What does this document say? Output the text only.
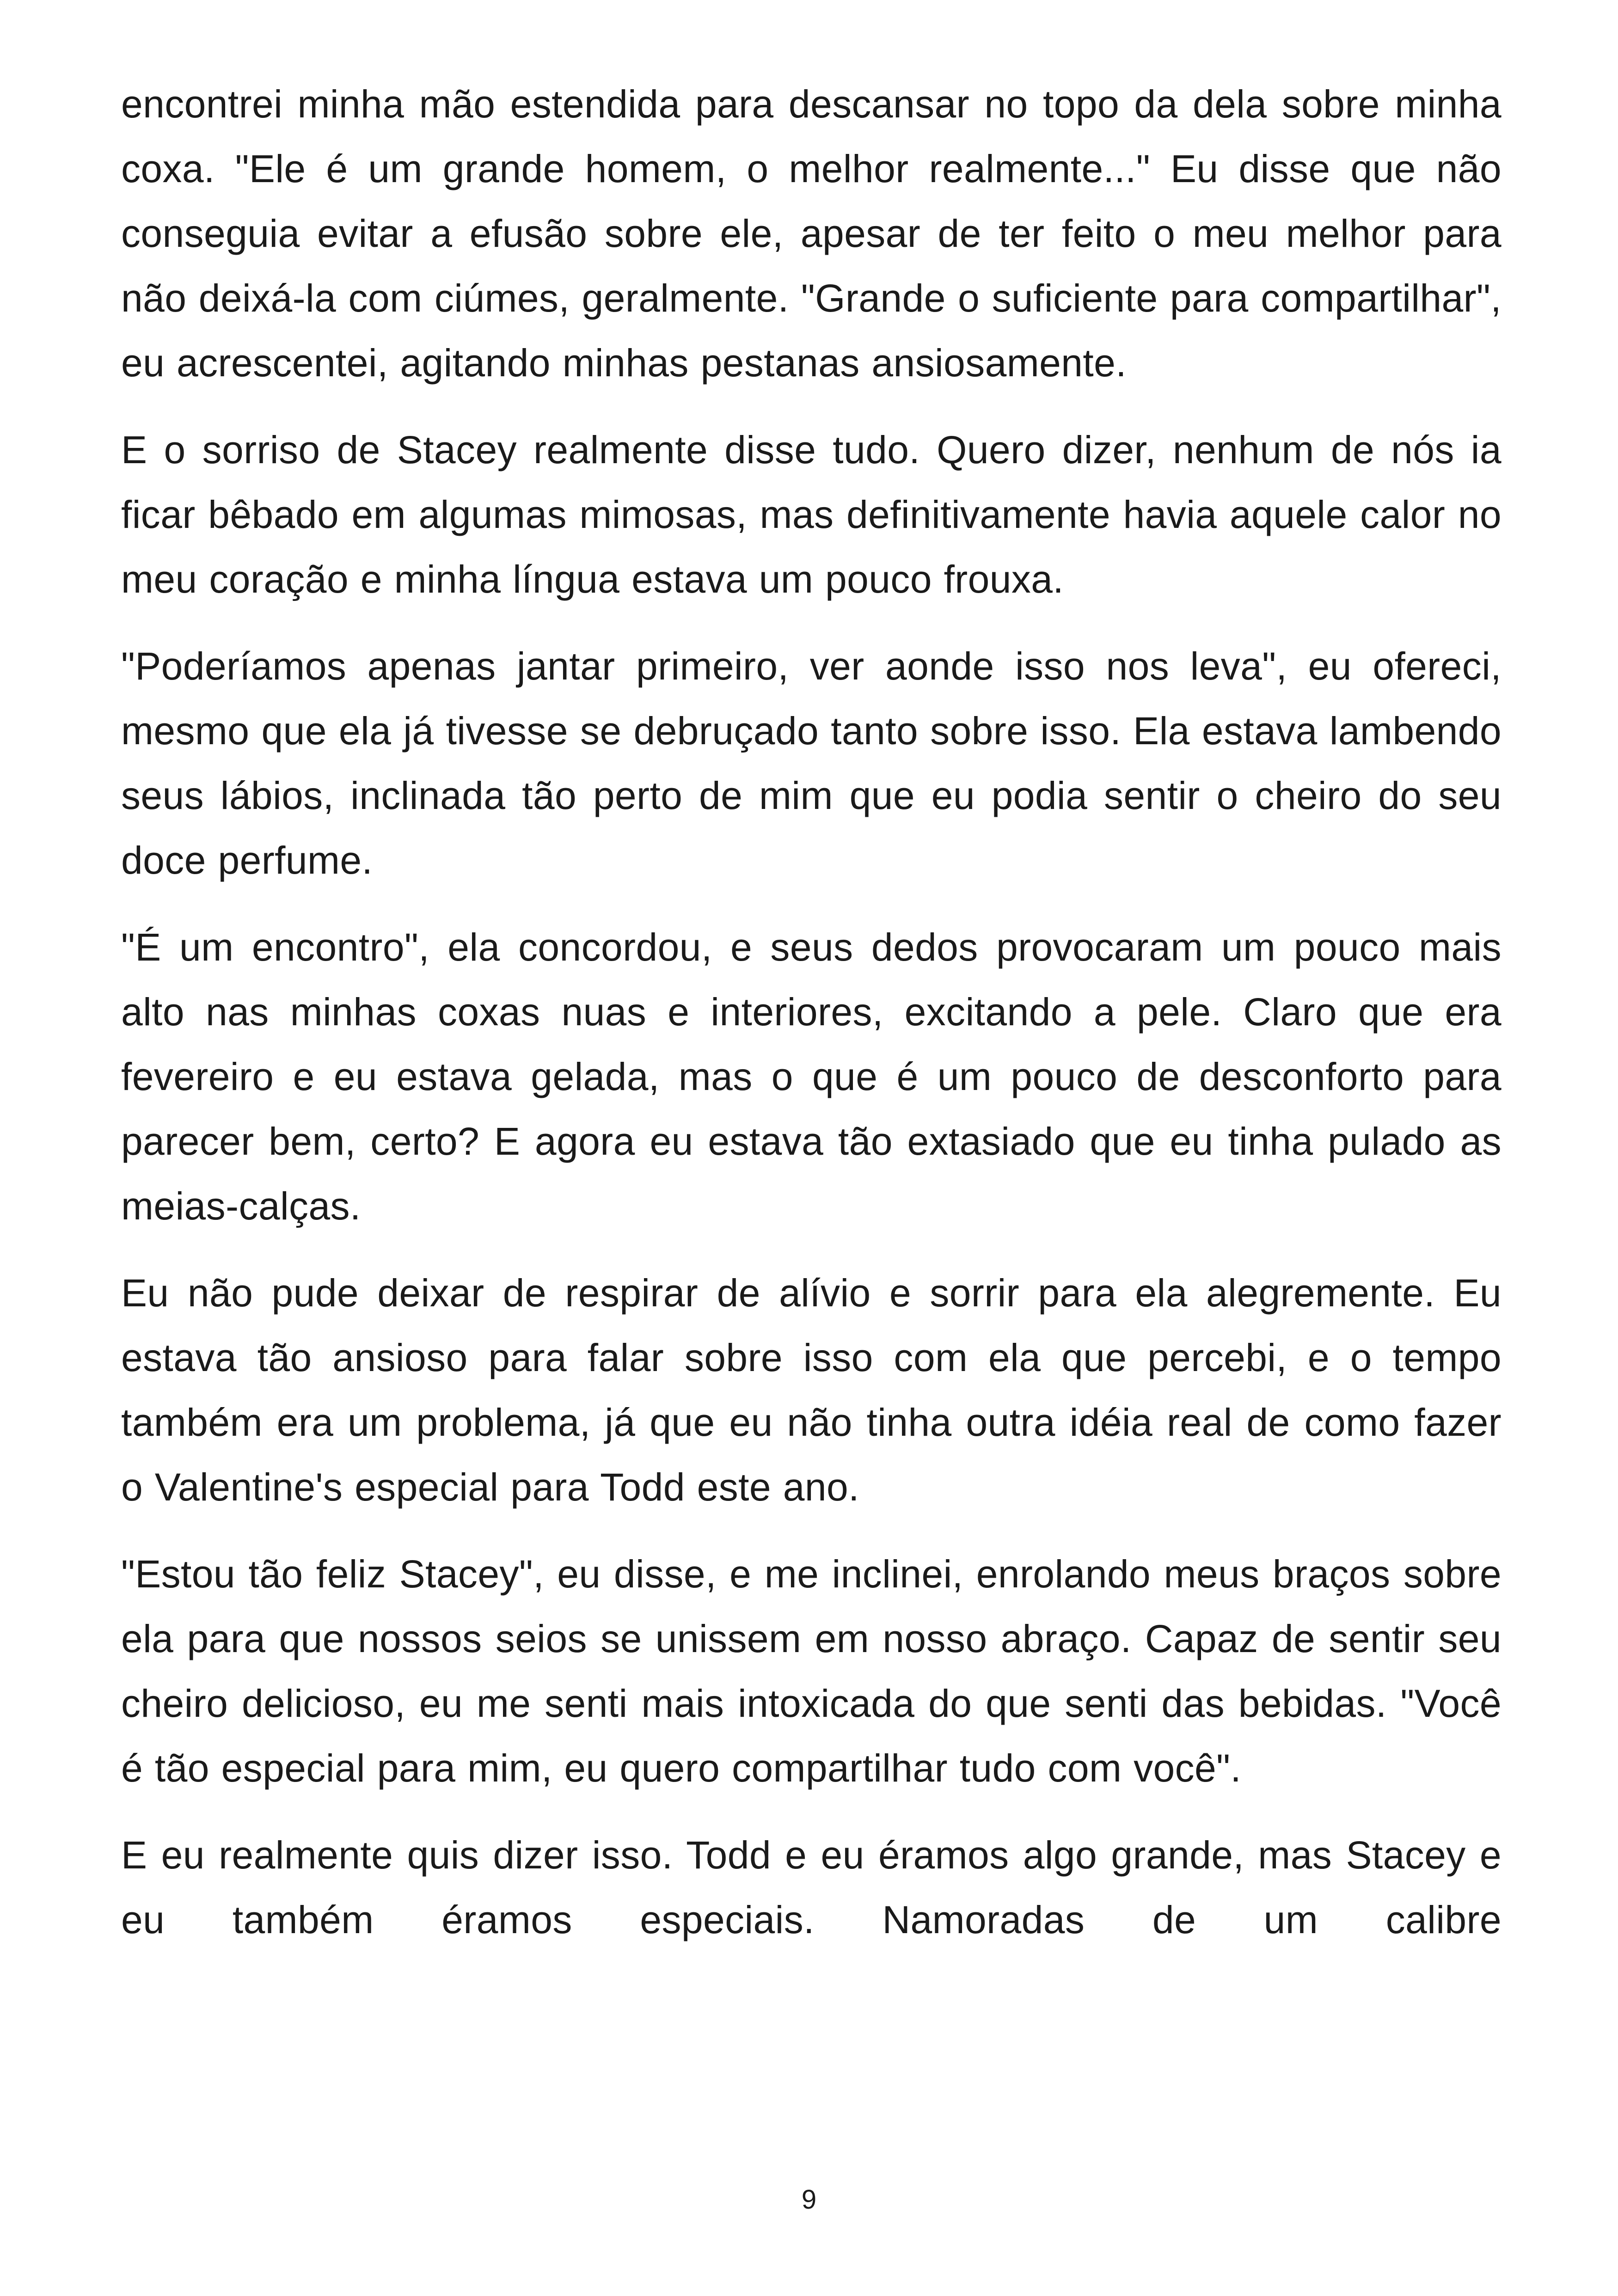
encontrei minha mão estendida para descansar no topo da dela sobre minha coxa. "Ele é um grande homem, o melhor realmente..." Eu disse que não conseguia evitar a efusão sobre ele, apesar de ter feito o meu melhor para não deixá-la com ciúmes, geralmente. "Grande o suficiente para compartilhar", eu acrescentei, agitando minhas pestanas ansiosamente.

E o sorriso de Stacey realmente disse tudo. Quero dizer, nenhum de nós ia ficar bêbado em algumas mimosas, mas definitivamente havia aquele calor no meu coração e minha língua estava um pouco frouxa.

"Poderíamos apenas jantar primeiro, ver aonde isso nos leva", eu ofereci, mesmo que ela já tivesse se debruçado tanto sobre isso. Ela estava lambendo seus lábios, inclinada tão perto de mim que eu podia sentir o cheiro do seu doce perfume.

"É um encontro", ela concordou, e seus dedos provocaram um pouco mais alto nas minhas coxas nuas e interiores, excitando a pele. Claro que era fevereiro e eu estava gelada, mas o que é um pouco de desconforto para parecer bem, certo? E agora eu estava tão extasiado que eu tinha pulado as meias-calças.

Eu não pude deixar de respirar de alívio e sorrir para ela alegremente. Eu estava tão ansioso para falar sobre isso com ela que percebi, e o tempo também era um problema, já que eu não tinha outra idéia real de como fazer o Valentine's especial para Todd este ano.

"Estou tão feliz Stacey", eu disse, e me inclinei, enrolando meus braços sobre ela para que nossos seios se unissem em nosso abraço. Capaz de sentir seu cheiro delicioso, eu me senti mais intoxicada do que senti das bebidas. "Você é tão especial para mim, eu quero compartilhar tudo com você".

E eu realmente quis dizer isso. Todd e eu éramos algo grande, mas Stacey e eu também éramos especiais. Namoradas de um calibre

9
